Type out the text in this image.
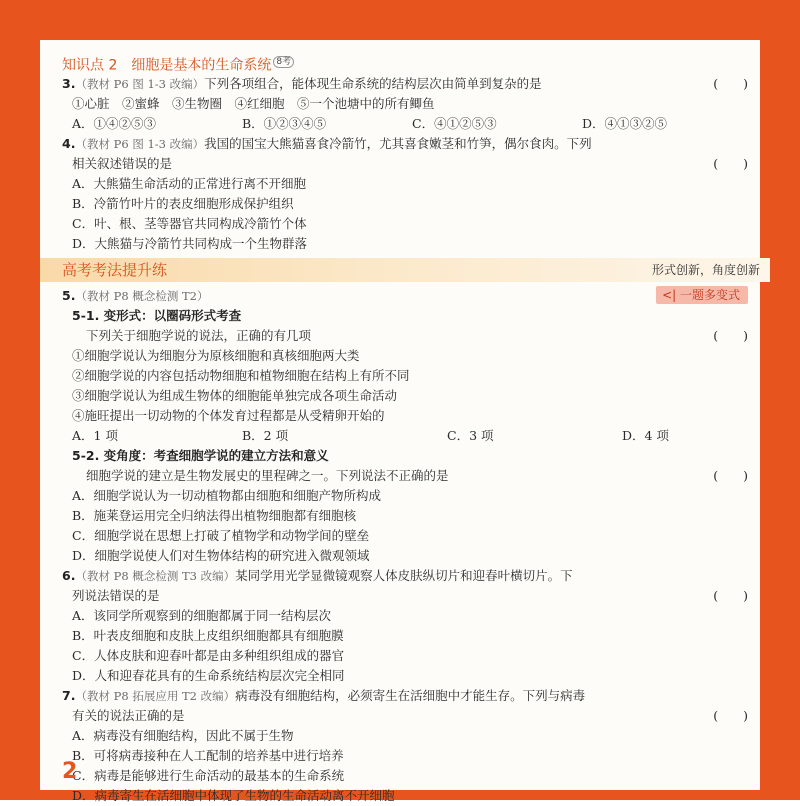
知识点 2　细胞是基本的生命系统 $^{8考}$
3.（教材 P6 图 1-3 改编）下列各项组合，能体现生命系统的结构层次由简单到复杂的是	(　　)
①心脏　②蜜蜂　③生物圈　④红细胞　⑤一个池塘中的所有鲫鱼
A．①④②⑤③	B．①②③④⑤	C．④①②⑤③	D．④①③②⑤
4.（教材 P6 图 1-3 改编）我国的国宝大熊猫喜食冷箭竹，尤其喜食嫩茎和竹笋，偶尔食肉。下列
相关叙述错误的是	(　　)
A．大熊猫生命活动的正常进行离不开细胞
B．冷箭竹叶片的表皮细胞形成保护组织
C．叶、根、茎等器官共同构成冷箭竹个体
D．大熊猫与冷箭竹共同构成一个生物群落
高考考法提升练	形式创新，角度创新
5.（教材 P8 概念检测 T2）	<| 一题多变式
5-1. 变形式：以圈码形式考查
下列关于细胞学说的说法，正确的有几项	(　　)
①细胞学说认为细胞分为原核细胞和真核细胞两大类
②细胞学说的内容包括动物细胞和植物细胞在结构上有所不同
③细胞学说认为组成生物体的细胞能单独完成各项生命活动
④施旺提出一切动物的个体发育过程都是从受精卵开始的
A．1 项	B．2 项	C．3 项	D．4 项
5-2. 变角度：考查细胞学说的建立方法和意义
细胞学说的建立是生物发展史的里程碑之一。下列说法不正确的是	(　　)
A．细胞学说认为一切动植物都由细胞和细胞产物所构成
B．施莱登运用完全归纳法得出植物细胞都有细胞核
C．细胞学说在思想上打破了植物学和动物学间的壁垒
D．细胞学说使人们对生物体结构的研究进入微观领域
6.（教材 P8 概念检测 T3 改编）某同学用光学显微镜观察人体皮肤纵切片和迎春叶横切片。下
列说法错误的是	(　　)
A．该同学所观察到的细胞都属于同一结构层次
B．叶表皮细胞和皮肤上皮组织细胞都具有细胞膜
C．人体皮肤和迎春叶都是由多种组织组成的器官
D．人和迎春花具有的生命系统结构层次完全相同
7.（教材 P8 拓展应用 T2 改编）病毒没有细胞结构，必须寄生在活细胞中才能生存。下列与病毒
有关的说法正确的是	(　　)
A．病毒没有细胞结构，因此不属于生物
B．可将病毒接种在人工配制的培养基中进行培养
C．病毒是能够进行生命活动的最基本的生命系统
D．病毒寄生在活细胞中体现了生物的生命活动离不开细胞
2
